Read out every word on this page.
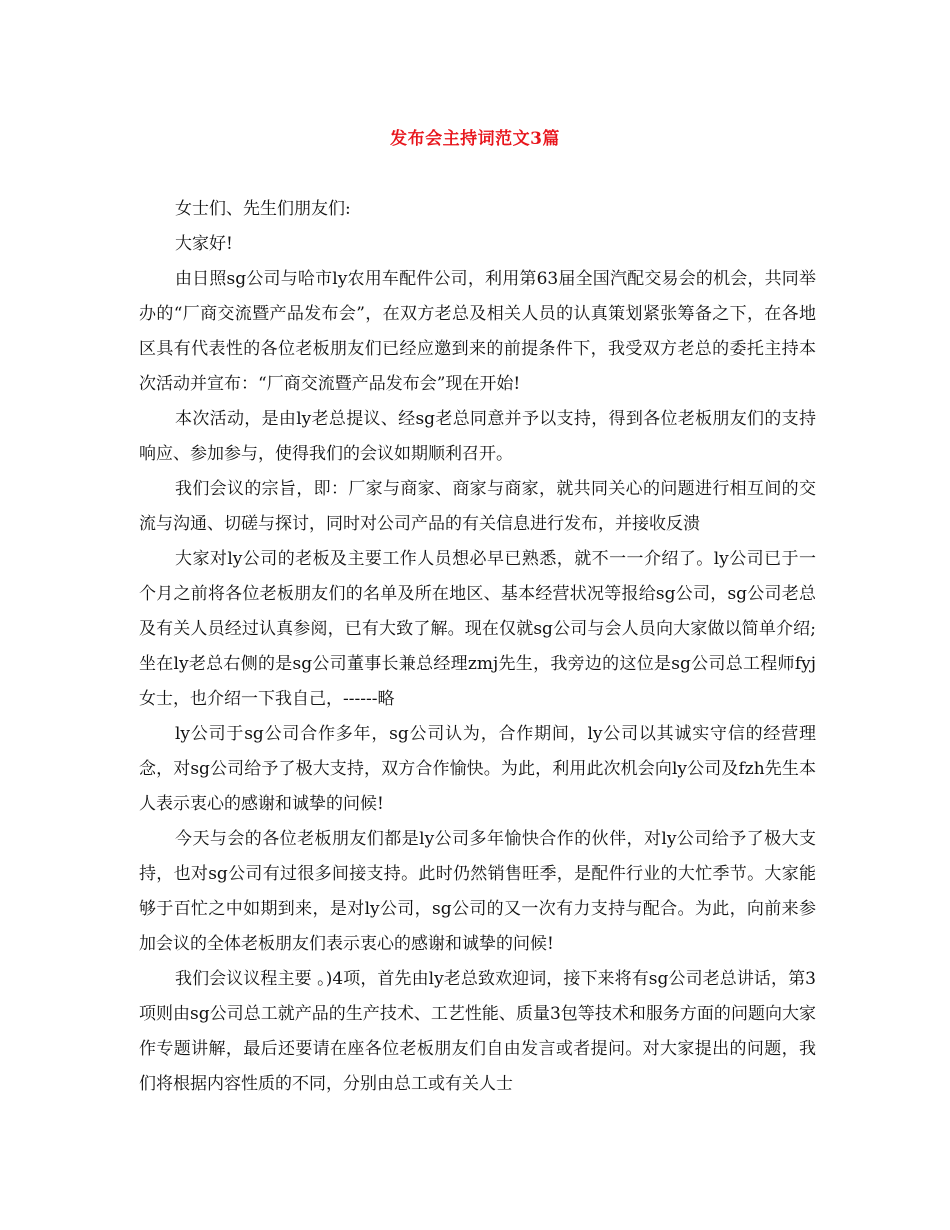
发布会主持词范文3篇

女士们、先生们朋友们:

大家好!

由日照sg公司与哈市ly农用车配件公司，利用第63届全国汽配交易会的机会，共同举办的“厂商交流暨产品发布会”，在双方老总及相关人员的认真策划紧张筹备之下，在各地区具有代表性的各位老板朋友们已经应邀到来的前提条件下，我受双方老总的委托主持本次活动并宣布：“厂商交流暨产品发布会”现在开始!

本次活动，是由ly老总提议、经sg老总同意并予以支持，得到各位老板朋友们的支持响应、参加参与，使得我们的会议如期顺利召开。

我们会议的宗旨，即：厂家与商家、商家与商家，就共同关心的问题进行相互间的交流与沟通、切磋与探讨，同时对公司产品的有关信息进行发布，并接收反溃

大家对ly公司的老板及主要工作人员想必早已熟悉，就不一一介绍了。ly公司已于一个月之前将各位老板朋友们的名单及所在地区、基本经营状况等报给sg公司，sg公司老总及有关人员经过认真参阅，已有大致了解。现在仅就sg公司与会人员向大家做以简单介绍;坐在ly老总右侧的是sg公司董事长兼总经理zmj先生，我旁边的这位是sg公司总工程师fyj女士，也介绍一下我自己，------略

ly公司于sg公司合作多年，sg公司认为，合作期间，ly公司以其诚实守信的经营理念，对sg公司给予了极大支持，双方合作愉快。为此，利用此次机会向ly公司及fzh先生本人表示衷心的感谢和诚挚的问候!

今天与会的各位老板朋友们都是ly公司多年愉快合作的伙伴，对ly公司给予了极大支持，也对sg公司有过很多间接支持。此时仍然销售旺季，是配件行业的大忙季节。大家能够于百忙之中如期到来，是对ly公司，sg公司的又一次有力支持与配合。为此，向前来参加会议的全体老板朋友们表示衷心的感谢和诚挚的问候!

我们会议议程主要 。)4项，首先由ly老总致欢迎词，接下来将有sg公司老总讲话，第3项则由sg公司总工就产品的生产技术、工艺性能、质量3包等技术和服务方面的问题向大家作专题讲解，最后还要请在座各位老板朋友们自由发言或者提问。对大家提出的问题，我们将根据内容性质的不同，分别由总工或有关人士
